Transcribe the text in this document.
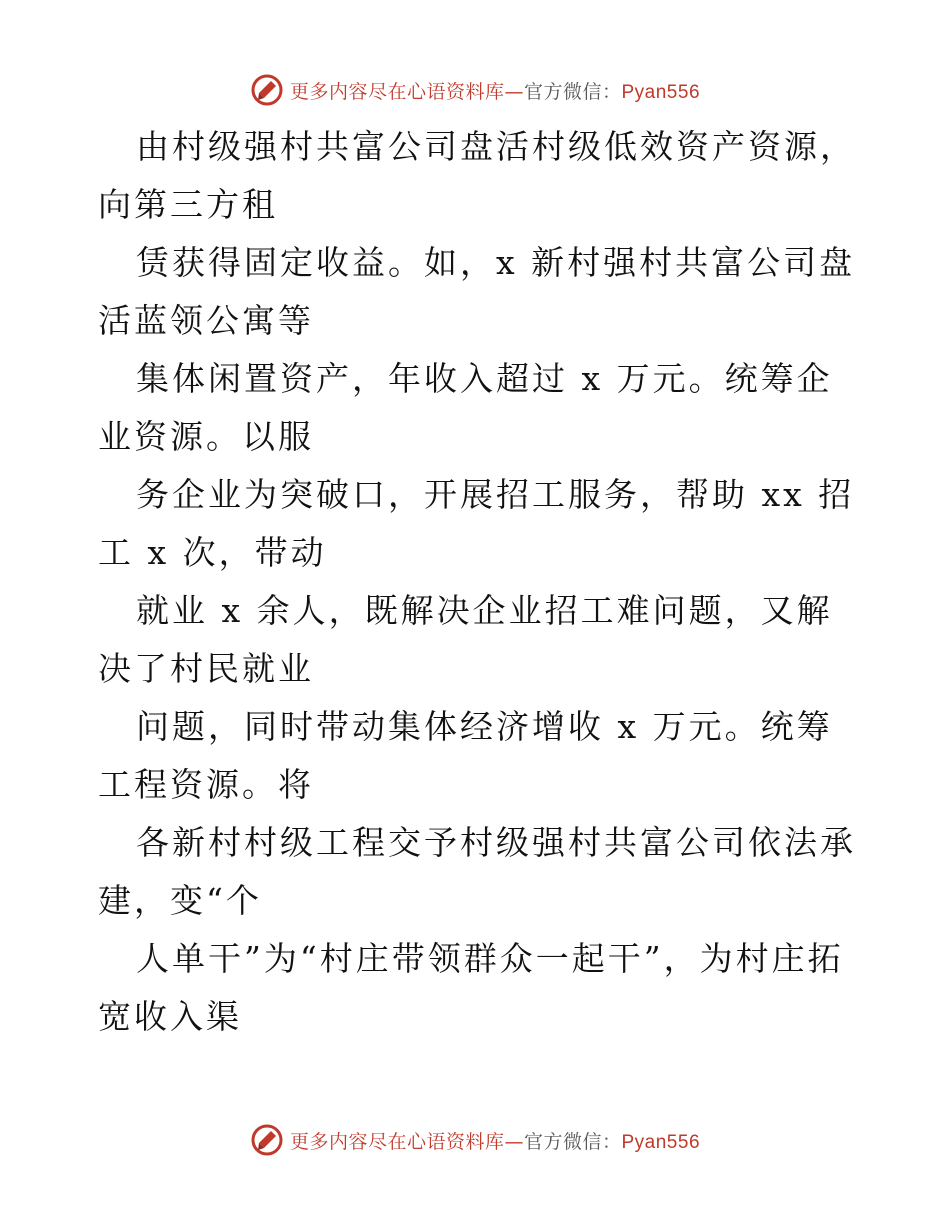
更多内容尽在心语资料库—官方微信：Pyan556

由村级强村共富公司盘活村级低效资产资源，向第三方租

赁获得固定收益。如，x 新村强村共富公司盘活蓝领公寓等

集体闲置资产，年收入超过 x 万元。统筹企业资源。以服

务企业为突破口，开展招工服务，帮助 xx 招工 x 次，带动

就业 x 余人，既解决企业招工难问题，又解决了村民就业

问题，同时带动集体经济增收 x 万元。统筹工程资源。将

各新村村级工程交予村级强村共富公司依法承建，变“个

人单干”为“村庄带领群众一起干”，为村庄拓宽收入渠

更多内容尽在心语资料库—官方微信：Pyan556
